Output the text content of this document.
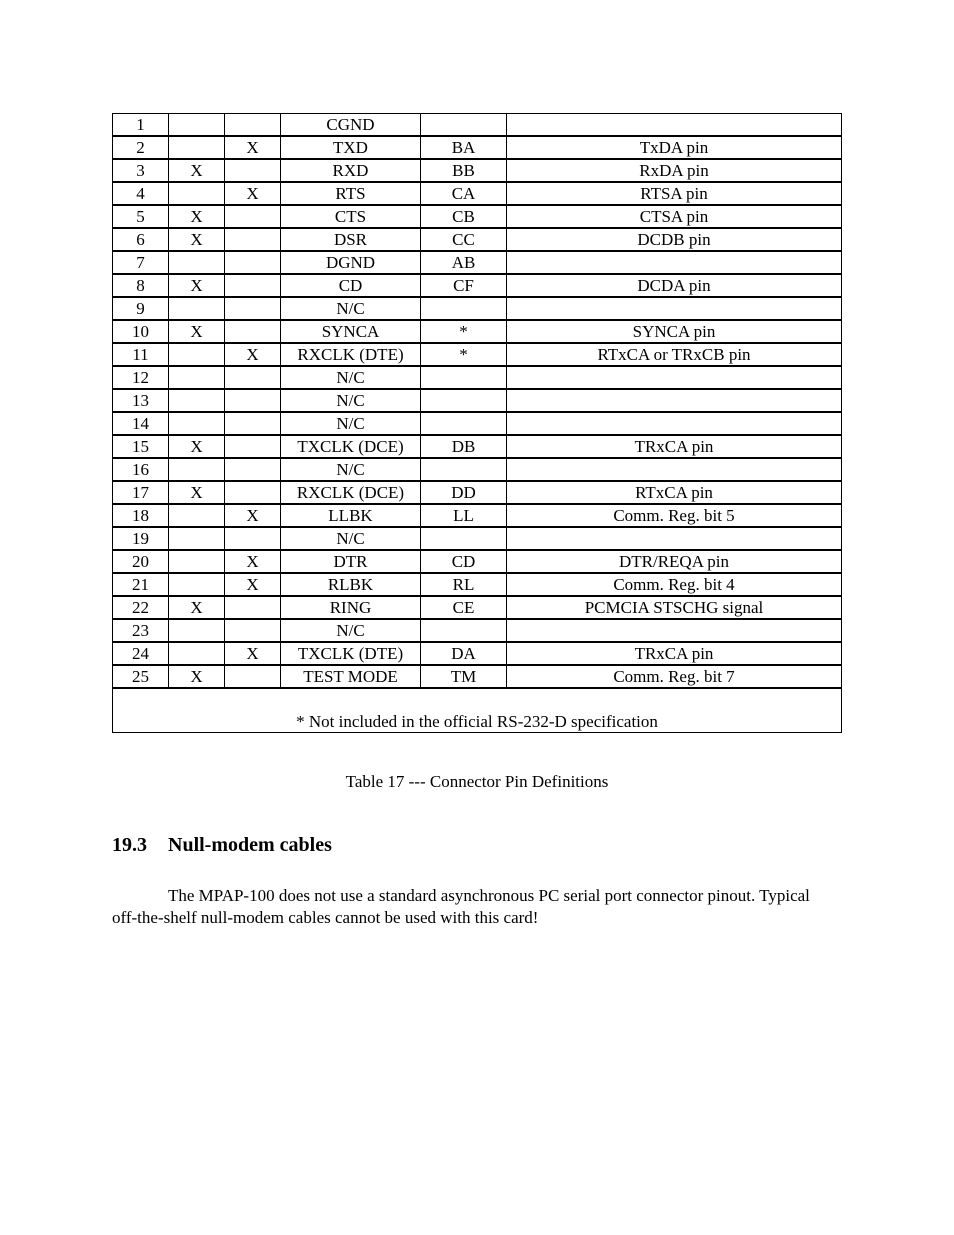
1			CGND		
2		X	TXD	BA	TxDA pin
3	X		RXD	BB	RxDA pin
4		X	RTS	CA	RTSA pin
5	X		CTS	CB	CTSA pin
6	X		DSR	CC	DCDB pin
7			DGND	AB	
8	X		CD	CF	DCDA pin
9			N/C		
10	X		SYNCA	*	SYNCA pin
11		X	RXCLK (DTE)	*	RTxCA or TRxCB pin
12			N/C		
13			N/C		
14			N/C		
15	X		TXCLK (DCE)	DB	TRxCA pin
16			N/C		
17	X		RXCLK (DCE)	DD	RTxCA pin
18		X	LLBK	LL	Comm. Reg. bit 5
19			N/C		
20		X	DTR	CD	DTR/REQA pin
21		X	RLBK	RL	Comm. Reg. bit 4
22	X		RING	CE	PCMCIA STSCHG signal
23			N/C		
24		X	TXCLK (DTE)	DA	TRxCA pin
25	X		TEST MODE	TM	Comm. Reg. bit 7
* Not included in the official RS-232-D specification					
Table 17 --- Connector Pin Definitions
19.3 Null-modem cables
The MPAP-100 does not use a standard asynchronous PC serial port connector pinout. Typical off-the-shelf null-modem cables cannot be used with this card!
